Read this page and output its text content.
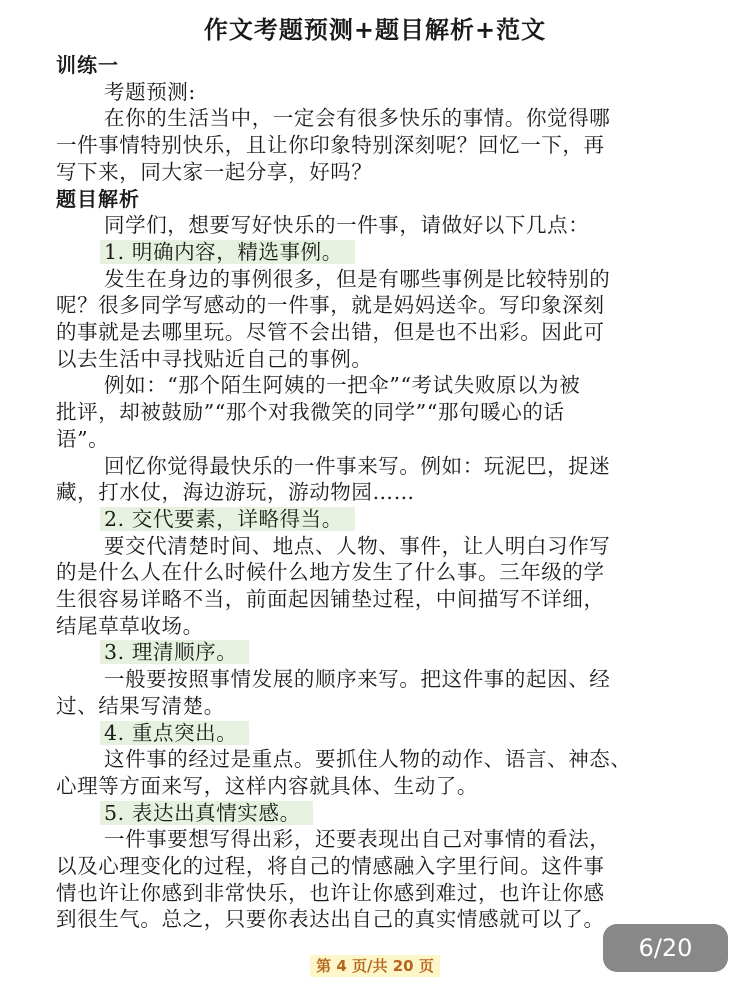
作文考题预测+题目解析+范文
训练一
考题预测:
在你的生活当中，一定会有很多快乐的事情。你觉得哪
一件事情特别快乐，且让你印象特别深刻呢？回忆一下，再
写下来，同大家一起分享，好吗？
题目解析
同学们，想要写好快乐的一件事，请做好以下几点：
1. 明确内容，精选事例。
发生在身边的事例很多，但是有哪些事例是比较特别的
呢？很多同学写感动的一件事，就是妈妈送伞。写印象深刻
的事就是去哪里玩。尽管不会出错，但是也不出彩。因此可
以去生活中寻找贴近自己的事例。
例如：“那个陌生阿姨的一把伞”“考试失败原以为被
批评，却被鼓励”“那个对我微笑的同学”“那句暖心的话
语”。
回忆你觉得最快乐的一件事来写。例如：玩泥巴，捉迷
藏，打水仗，海边游玩，游动物园……
2. 交代要素，详略得当。
要交代清楚时间、地点、人物、事件，让人明白习作写
的是什么人在什么时候什么地方发生了什么事。三年级的学
生很容易详略不当，前面起因铺垫过程，中间描写不详细，
结尾草草收场。
3. 理清顺序。
一般要按照事情发展的顺序来写。把这件事的起因、经
过、结果写清楚。
4. 重点突出。
这件事的经过是重点。要抓住人物的动作、语言、神态、
心理等方面来写，这样内容就具体、生动了。
5. 表达出真情实感。
一件事要想写得出彩，还要表现出自己对事情的看法，
以及心理变化的过程，将自己的情感融入字里行间。这件事
情也许让你感到非常快乐，也许让你感到难过，也许让你感
到很生气。总之，只要你表达出自己的真实情感就可以了。
第 4 页/共 20 页
6/20
